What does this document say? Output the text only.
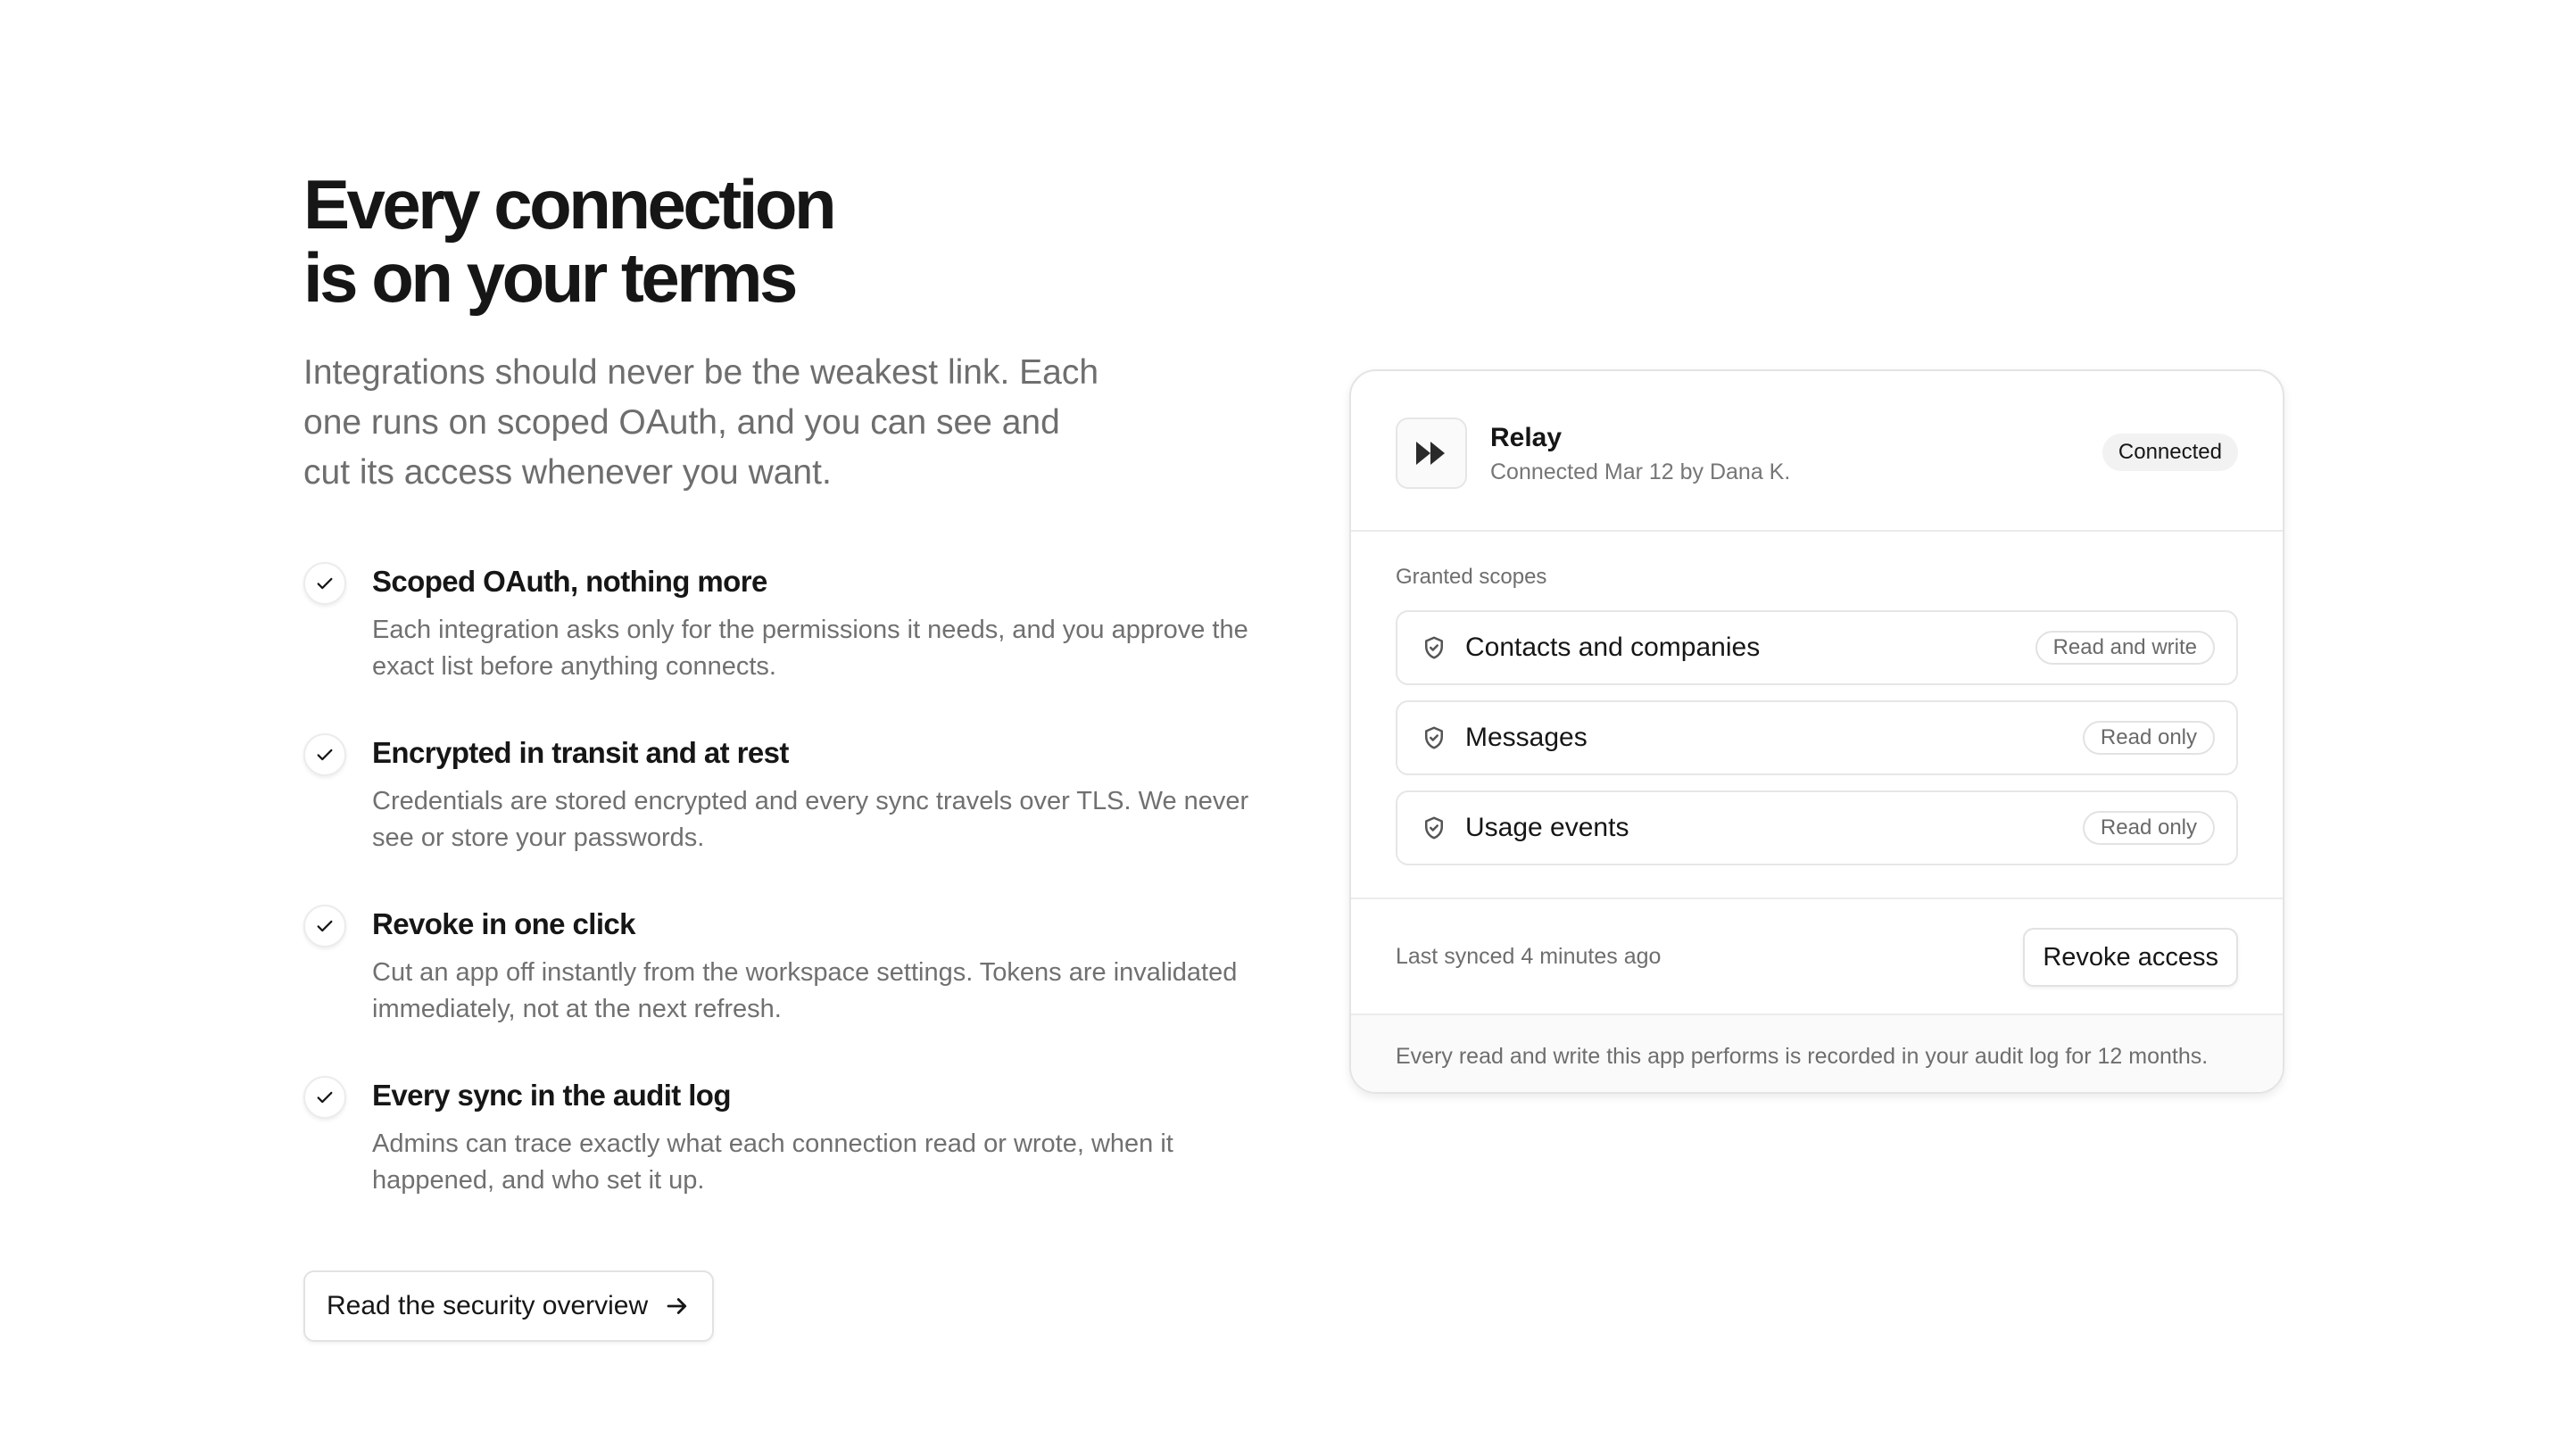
Every connection
is on your terms

Integrations should never be the weakest link. Each one runs on scoped OAuth, and you can see and cut its access whenever you want.

Scoped OAuth, nothing more
Each integration asks only for the permissions it needs, and you approve the exact list before anything connects.
Encrypted in transit and at rest
Credentials are stored encrypted and every sync travels over TLS. We never see or store your passwords.
Revoke in one click
Cut an app off instantly from the workspace settings. Tokens are invalidated immediately, not at the next refresh.
Every sync in the audit log
Admins can trace exactly what each connection read or wrote, when it happened, and who set it up.
Read the security overview
Relay
Connected Mar 12 by Dana K.
Connected
Granted scopes
Contacts and companies	Read and write
Messages	Read only
Usage events	Read only
Last synced 4 minutes ago	Revoke access
Every read and write this app performs is recorded in your audit log for 12 months.
